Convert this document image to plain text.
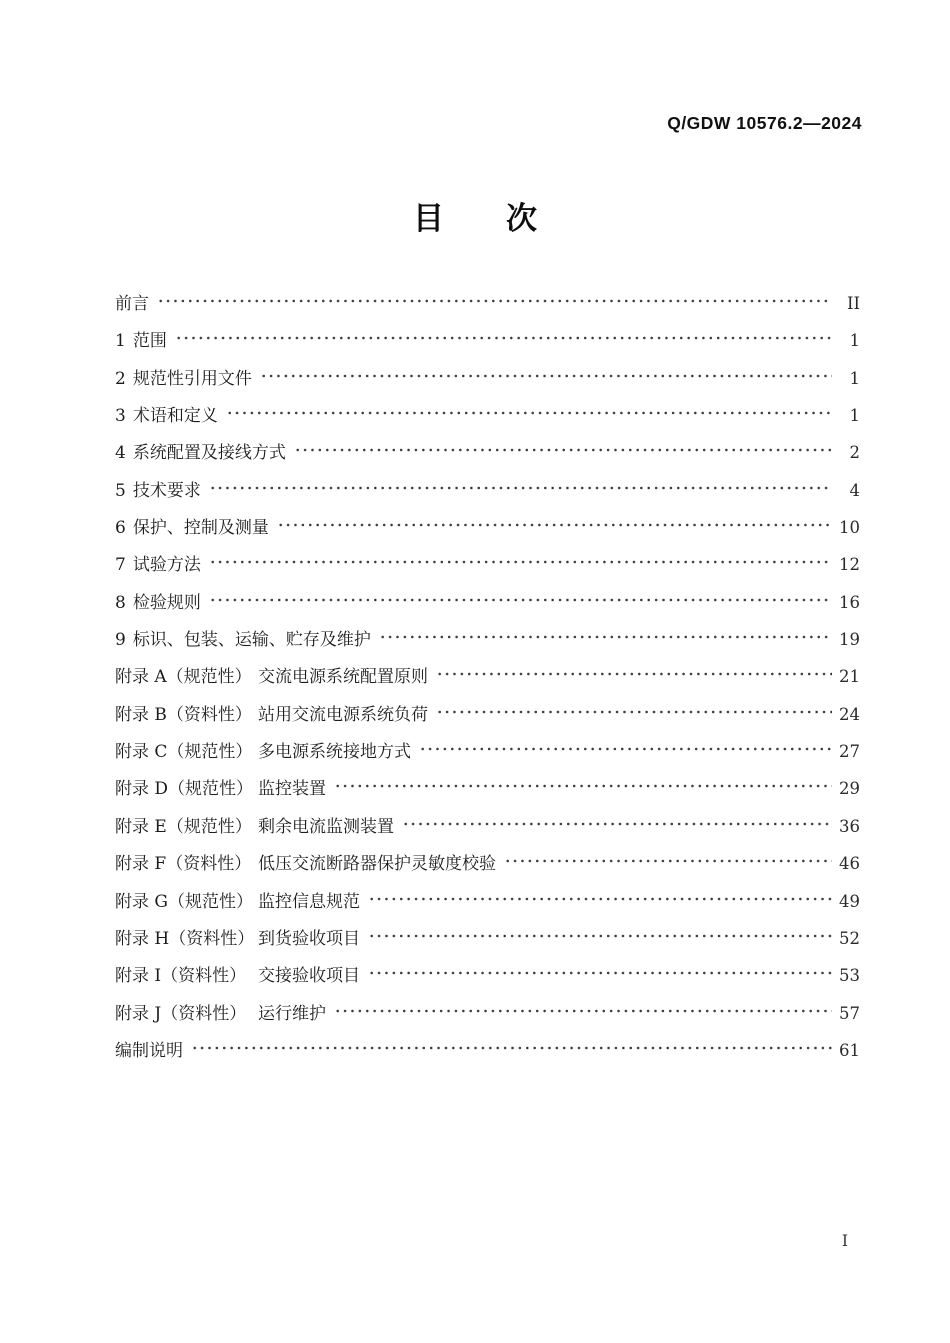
Q/GDW 10576.2—2024
目　　次
前言	II
1 范围	1
2 规范性引用文件	1
3 术语和定义	1
4 系统配置及接线方式	2
5 技术要求	4
6 保护、控制及测量	10
7 试验方法	12
8 检验规则	16
9 标识、包装、运输、贮存及维护	19
附录 A（规范性） 交流电源系统配置原则	21
附录 B（资料性） 站用交流电源系统负荷	24
附录 C（规范性） 多电源系统接地方式	27
附录 D（规范性） 监控装置	29
附录 E（规范性） 剩余电流监测装置	36
附录 F（资料性） 低压交流断路器保护灵敏度校验	46
附录 G（规范性） 监控信息规范	49
附录 H（资料性） 到货验收项目	52
附录 I（资料性） 交接验收项目	53
附录 J（资料性） 运行维护	57
编制说明	61
I
